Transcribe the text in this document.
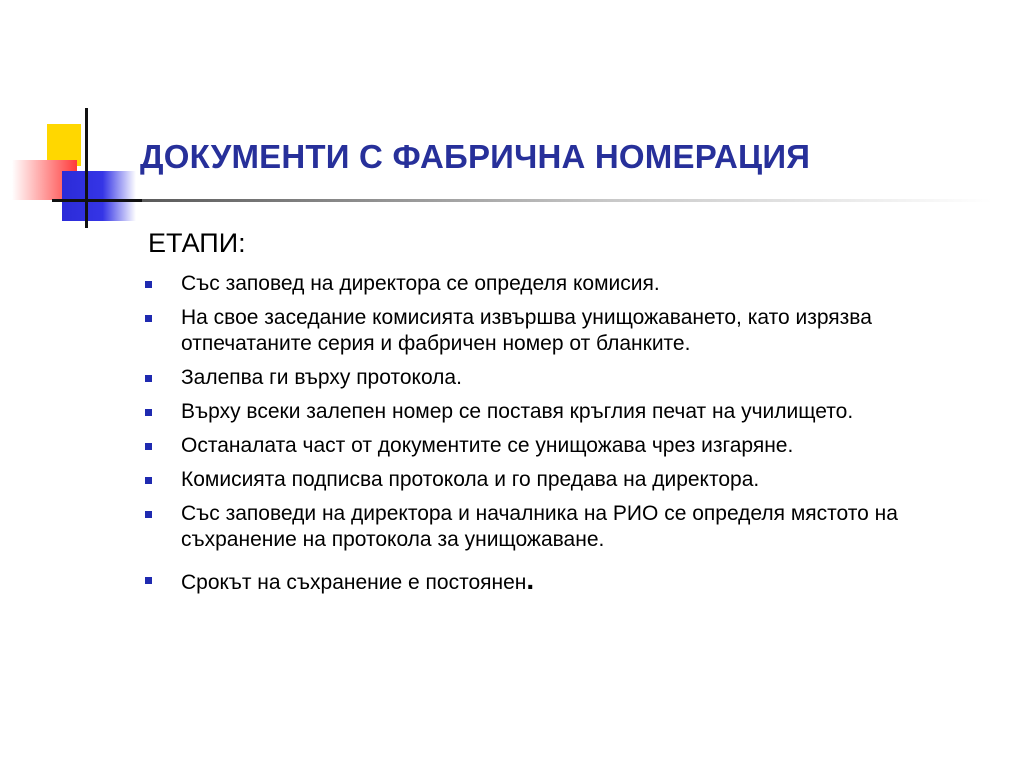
ДОКУМЕНТИ С ФАБРИЧНА НОМЕРАЦИЯ
ЕТАПИ:
Със заповед на директора се определя комисия.
На свое заседание комисията извършва унищожаването, като изрязва отпечатаните серия и фабричен номер от бланките.
Залепва ги върху протокола.
Върху всеки залепен номер се поставя кръглия печат на училището.
Останалата част от документите се унищожава чрез изгаряне.
Комисията подписва протокола и го предава на директора.
Със заповеди на директора и началника на РИО се определя мястото на съхранение на протокола за унищожаване.
Срокът на съхранение е постоянен.
